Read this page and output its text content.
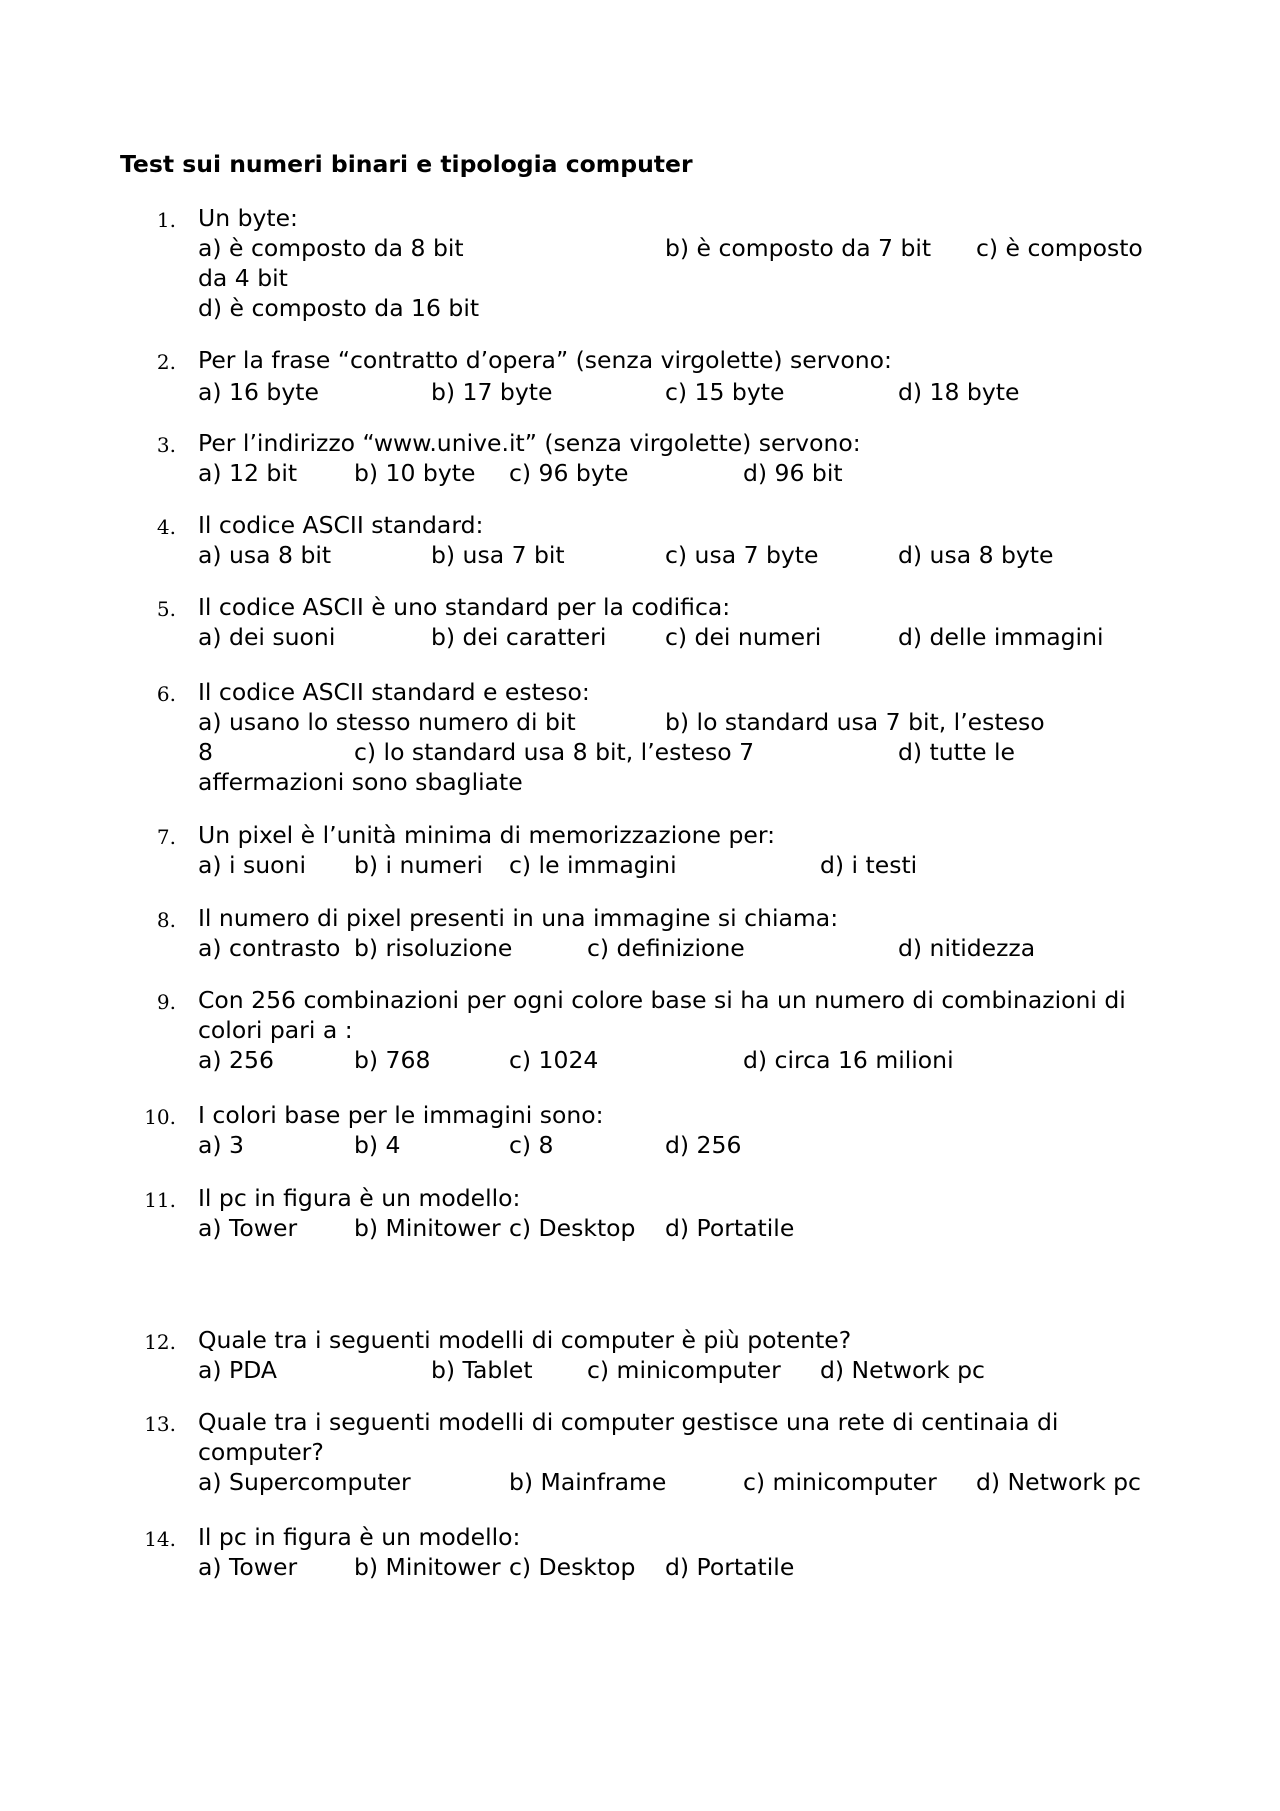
Test sui numeri binari e tipologia computer
1. Un byte:
a) è composto da 8 bit	b) è composto da 7 bit c) è composto
da 4 bit
d) è composto da 16 bit
2. Per la frase “contratto d’opera” (senza virgolette) servono:
a) 16 byte	b) 17 byte	c) 15 byte	d) 18 byte
3. Per l’indirizzo “www.unive.it” (senza virgolette) servono:
a) 12 bit b) 10 byte c) 96 byte	d) 96 bit
4. Il codice ASCII standard:
a) usa 8 bit	b) usa 7 bit	c) usa 7 byte	d) usa 8 byte
5. Il codice ASCII è uno standard per la codifica:
a) dei suoni	b) dei caratteri c) dei numeri	d) delle immagini
6. Il codice ASCII standard e esteso:
a) usano lo stesso numero di bit	b) lo standard usa 7 bit, l’esteso
8	c) lo standard usa 8 bit, l’esteso 7	d) tutte le
affermazioni sono sbagliate
7. Un pixel è l’unità minima di memorizzazione per:
a) i suoni b) i numeri c) le immagini	d) i testi
8. Il numero di pixel presenti in una immagine si chiama:
a) contrasto b) risoluzione	c) definizione	d) nitidezza
9. Con 256 combinazioni per ogni colore base si ha un numero di combinazioni di colori pari a :
a) 256	b) 768	c) 1024	d) circa 16 milioni
10. I colori base per le immagini sono:
a) 3	b) 4	c) 8	d) 256
11. Il pc in figura è un modello:
a) Tower b) Minitower c) Desktop d) Portatile
12. Quale tra i seguenti modelli di computer è più potente?
a) PDA	b) Tablet c) minicomputer d) Network pc
13. Quale tra i seguenti modelli di computer gestisce una rete di centinaia di computer?
a) Supercomputer	b) Mainframe	c) minicomputer d) Network pc
14. Il pc in figura è un modello:
a) Tower b) Minitower c) Desktop d) Portatile
